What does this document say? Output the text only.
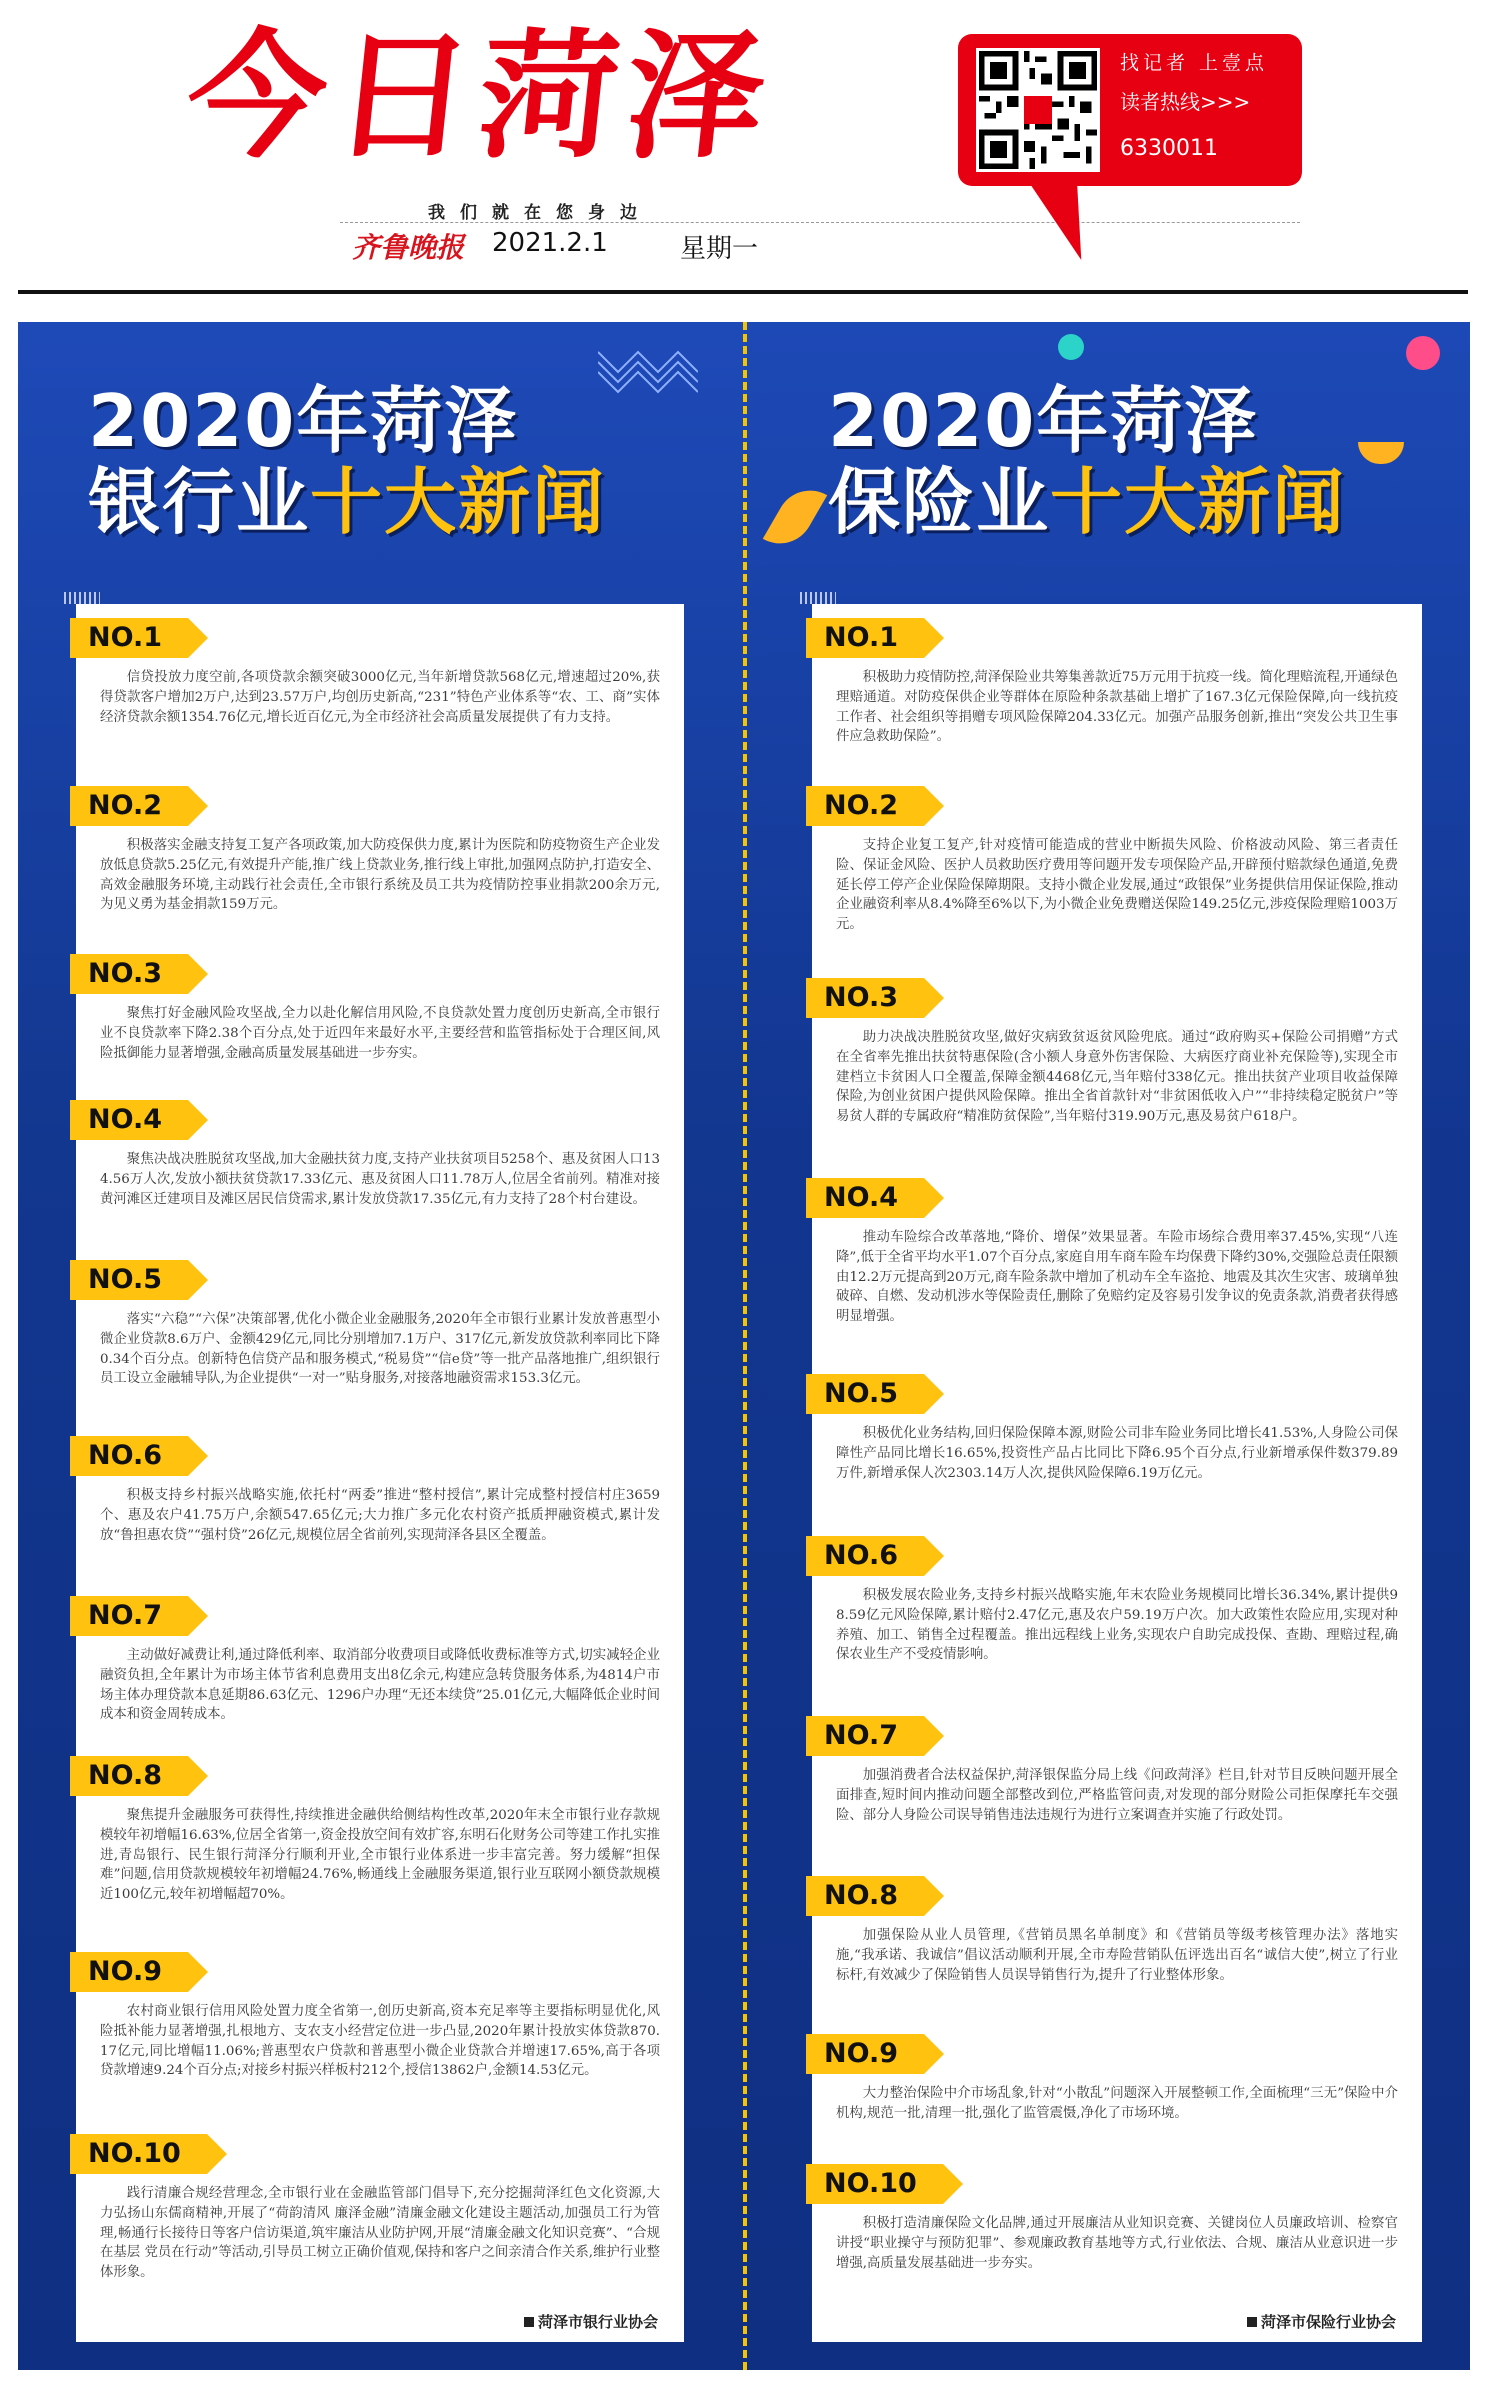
今日菏泽
我们就在您身边
齐鲁晚报 2021.2.1	星期一
找记者 上壹点
读者热线>>>
6330011
2020年菏泽
银行业十大新闻
NO.1

信贷投放力度空前,各项贷款余额突破3000亿元,当年新增贷款568亿元,增速超过20%,获得贷款客户增加2万户,达到23.57万户,均创历史新高,“231”特色产业体系等“农、工、商”实体经济贷款余额1354.76亿元,增长近百亿元,为全市经济社会高质量发展提供了有力支持。

NO.2

积极落实金融支持复工复产各项政策,加大防疫保供力度,累计为医院和防疫物资生产企业发放低息贷款5.25亿元,有效提升产能,推广线上贷款业务,推行线上审批,加强网点防护,打造安全、高效金融服务环境,主动践行社会责任,全市银行系统及员工共为疫情防控事业捐款200余万元,为见义勇为基金捐款159万元。

NO.3

聚焦打好金融风险攻坚战,全力以赴化解信用风险,不良贷款处置力度创历史新高,全市银行业不良贷款率下降2.38个百分点,处于近四年来最好水平,主要经营和监管指标处于合理区间,风险抵御能力显著增强,金融高质量发展基础进一步夯实。

NO.4

聚焦决战决胜脱贫攻坚战,加大金融扶贫力度,支持产业扶贫项目5258个、惠及贫困人口134.56万人次,发放小额扶贫贷款17.33亿元、惠及贫困人口11.78万人,位居全省前列。精准对接黄河滩区迁建项目及滩区居民信贷需求,累计发放贷款17.35亿元,有力支持了28个村台建设。

NO.5

落实“六稳”“六保”决策部署,优化小微企业金融服务,2020年全市银行业累计发放普惠型小微企业贷款8.6万户、金额429亿元,同比分别增加7.1万户、317亿元,新发放贷款利率同比下降0.34个百分点。创新特色信贷产品和服务模式,“税易贷”“信e贷”等一批产品落地推广,组织银行员工设立金融辅导队,为企业提供“一对一”贴身服务,对接落地融资需求153.3亿元。

NO.6

积极支持乡村振兴战略实施,依托村“两委”推进“整村授信”,累计完成整村授信村庄3659个、惠及农户41.75万户,余额547.65亿元;大力推广多元化农村资产抵质押融资模式,累计发放“鲁担惠农贷”“强村贷”26亿元,规模位居全省前列,实现菏泽各县区全覆盖。

NO.7

主动做好减费让利,通过降低利率、取消部分收费项目或降低收费标准等方式,切实减轻企业融资负担,全年累计为市场主体节省利息费用支出8亿余元,构建应急转贷服务体系,为4814户市场主体办理贷款本息延期86.63亿元、1296户办理“无还本续贷”25.01亿元,大幅降低企业时间成本和资金周转成本。

NO.8

聚焦提升金融服务可获得性,持续推进金融供给侧结构性改革,2020年末全市银行业存款规模较年初增幅16.63%,位居全省第一,资金投放空间有效扩容,东明石化财务公司等建工作扎实推进,青岛银行、民生银行菏泽分行顺利开业,全市银行业体系进一步丰富完善。努力缓解“担保难”问题,信用贷款规模较年初增幅24.76%,畅通线上金融服务渠道,银行业互联网小额贷款规模近100亿元,较年初增幅超70%。

NO.9

农村商业银行信用风险处置力度全省第一,创历史新高,资本充足率等主要指标明显优化,风险抵补能力显著增强,扎根地方、支农支小经营定位进一步凸显,2020年累计投放实体贷款870.17亿元,同比增幅11.06%;普惠型农户贷款和普惠型小微企业贷款合并增速17.65%,高于各项贷款增速9.24个百分点;对接乡村振兴样板村212个,授信13862户,金额14.53亿元。

NO.10

践行清廉合规经营理念,全市银行业在金融监管部门倡导下,充分挖掘菏泽红色文化资源,大力弘扬山东儒商精神,开展了“荷韵清风 廉泽金融”清廉金融文化建设主题活动,加强员工行为管理,畅通行长接待日等客户信访渠道,筑牢廉洁从业防护网,开展“清廉金融文化知识竞赛”、“合规在基层 党员在行动”等活动,引导员工树立正确价值观,保持和客户之间亲清合作关系,维护行业整体形象。

菏泽市银行业协会
2020年菏泽
保险业十大新闻
NO.1

积极助力疫情防控,菏泽保险业共筹集善款近75万元用于抗疫一线。简化理赔流程,开通绿色理赔通道。对防疫保供企业等群体在原险种条款基础上增扩了167.3亿元保险保障,向一线抗疫工作者、社会组织等捐赠专项风险保障204.33亿元。加强产品服务创新,推出“突发公共卫生事件应急救助保险”。

NO.2

支持企业复工复产,针对疫情可能造成的营业中断损失风险、价格波动风险、第三者责任险、保证金风险、医护人员救助医疗费用等问题开发专项保险产品,开辟预付赔款绿色通道,免费延长停工停产企业保险保障期限。支持小微企业发展,通过“政银保”业务提供信用保证保险,推动企业融资利率从8.4%降至6%以下,为小微企业免费赠送保险149.25亿元,涉疫保险理赔1003万元。

NO.3

助力决战决胜脱贫攻坚,做好灾病致贫返贫风险兜底。通过“政府购买+保险公司捐赠”方式在全省率先推出扶贫特惠保险(含小额人身意外伤害保险、大病医疗商业补充保险等),实现全市建档立卡贫困人口全覆盖,保障金额4468亿元,当年赔付338亿元。推出扶贫产业项目收益保障保险,为创业贫困户提供风险保障。推出全省首款针对“非贫困低收入户”“非持续稳定脱贫户”等易贫人群的专属政府“精准防贫保险”,当年赔付319.90万元,惠及易贫户618户。

NO.4

推动车险综合改革落地,“降价、增保”效果显著。车险市场综合费用率37.45%,实现“八连降”,低于全省平均水平1.07个百分点,家庭自用车商车险车均保费下降约30%,交强险总责任限额由12.2万元提高到20万元,商车险条款中增加了机动车全车盗抢、地震及其次生灾害、玻璃单独破碎、自燃、发动机涉水等保险责任,删除了免赔约定及容易引发争议的免责条款,消费者获得感明显增强。

NO.5

积极优化业务结构,回归保险保障本源,财险公司非车险业务同比增长41.53%,人身险公司保障性产品同比增长16.65%,投资性产品占比同比下降6.95个百分点,行业新增承保件数379.89万件,新增承保人次2303.14万人次,提供风险保障6.19万亿元。

NO.6

积极发展农险业务,支持乡村振兴战略实施,年末农险业务规模同比增长36.34%,累计提供98.59亿元风险保障,累计赔付2.47亿元,惠及农户59.19万户次。加大政策性农险应用,实现对种养殖、加工、销售全过程覆盖。推出远程线上业务,实现农户自助完成投保、查勘、理赔过程,确保农业生产不受疫情影响。

NO.7

加强消费者合法权益保护,菏泽银保监分局上线《问政菏泽》栏目,针对节目反映问题开展全面排查,短时间内推动问题全部整改到位,严格监管问责,对发现的部分财险公司拒保摩托车交强险、部分人身险公司误导销售违法违规行为进行立案调查并实施了行政处罚。

NO.8

加强保险从业人员管理,《营销员黑名单制度》和《营销员等级考核管理办法》落地实施,“我承诺、我诚信”倡议活动顺利开展,全市寿险营销队伍评选出百名“诚信大使”,树立了行业标杆,有效减少了保险销售人员误导销售行为,提升了行业整体形象。

NO.9

大力整治保险中介市场乱象,针对“小散乱”问题深入开展整顿工作,全面梳理“三无”保险中介机构,规范一批,清理一批,强化了监管震慑,净化了市场环境。

NO.10

积极打造清廉保险文化品牌,通过开展廉洁从业知识竞赛、关键岗位人员廉政培训、检察官讲授“职业操守与预防犯罪”、参观廉政教育基地等方式,行业依法、合规、廉洁从业意识进一步增强,高质量发展基础进一步夯实。

菏泽市保险行业协会
